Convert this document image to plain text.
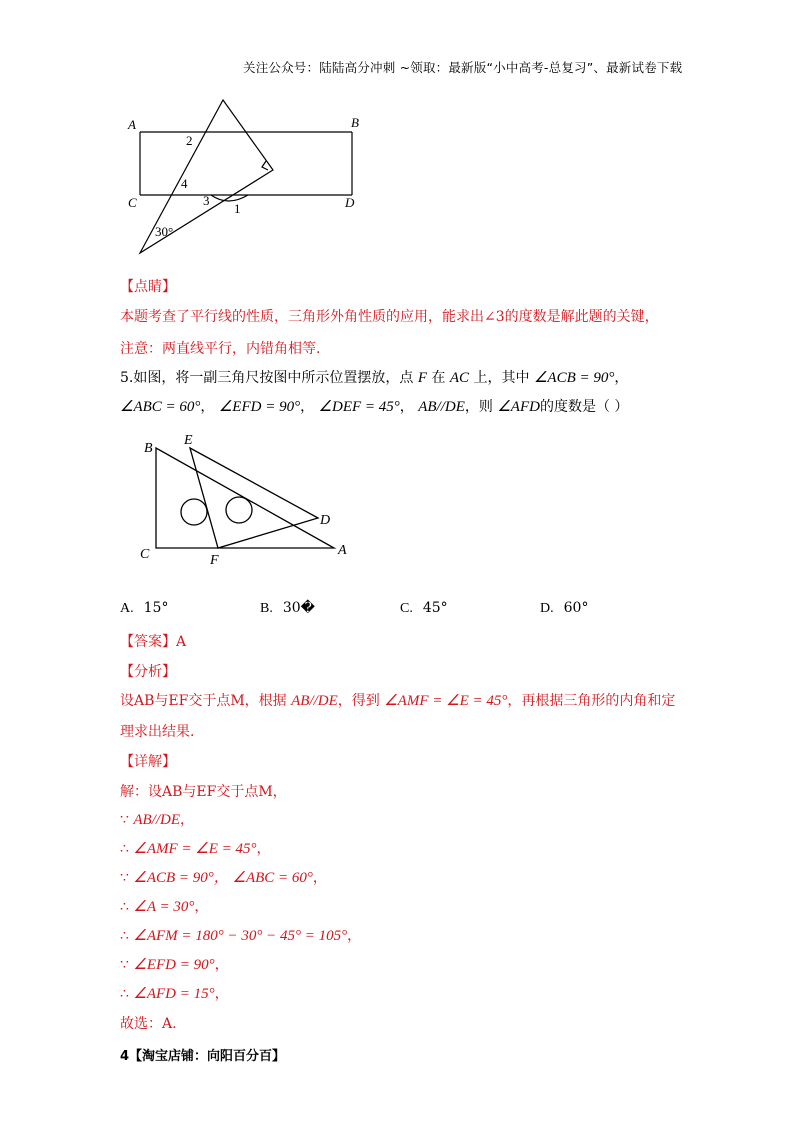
关注公众号：陆陆高分冲刺 ~领取：最新版“小中高考-总复习”、最新试卷下载
A	B
C	D
2
4
3
1
30°
【点睛】
本题考查了平行线的性质，三角形外角性质的应用，能求出∠3的度数是解此题的关键，
注意：两直线平行，内错角相等.
5.如图，将一副三角尺按图中所示位置摆放，点 F 在 AC 上，其中 ∠ACB = 90°，
∠ABC = 60°， ∠EFD = 90°， ∠DEF = 45°， AB//DE，则 ∠AFD的度数是（ ）
B
E
C	F
D
A
A. 15°	B. 30�	C. 45°	D. 60°
【答案】A
【分析】
设AB与EF交于点M，根据 AB//DE，得到 ∠AMF = ∠E = 45°，再根据三角形的内角和定
理求出结果.
【详解】
解：设AB与EF交于点M，
∵ AB//DE，
∴ ∠AMF = ∠E = 45°，
∵ ∠ACB = 90°， ∠ABC = 60°，
∴ ∠A = 30°，
∴ ∠AFM = 180° − 30° − 45° = 105°，
∵ ∠EFD = 90°，
∴ ∠AFD = 15°，
故选：A.
4【淘宝店铺：向阳百分百】
